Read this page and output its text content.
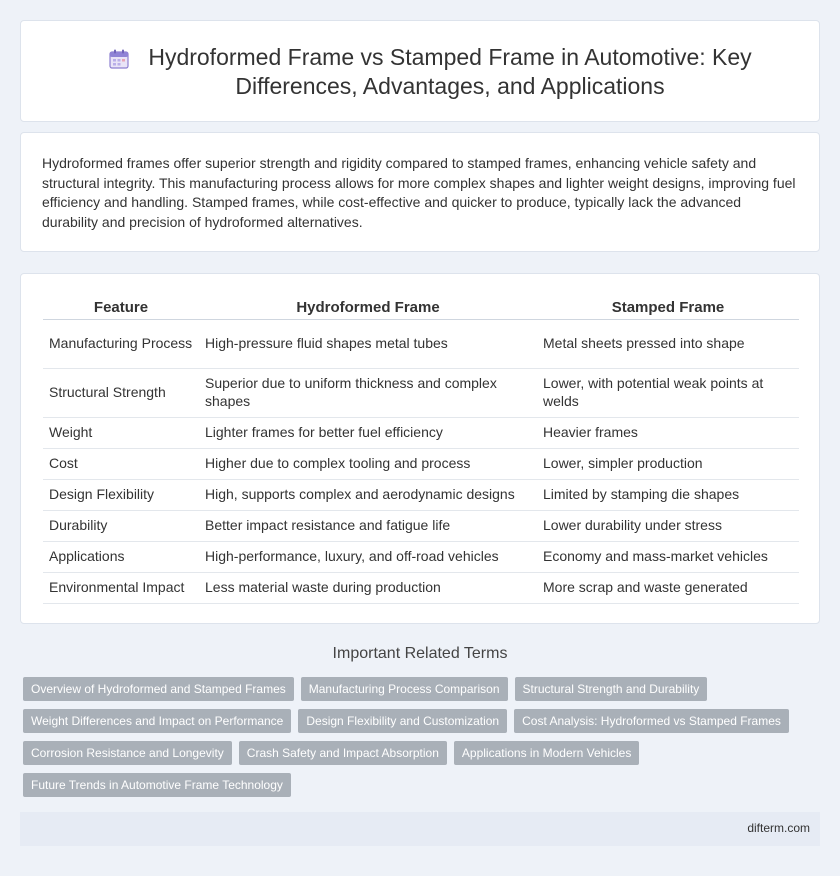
Hydroformed Frame vs Stamped Frame in Automotive: Key Differences, Advantages, and Applications

Hydroformed frames offer superior strength and rigidity compared to stamped frames, enhancing vehicle safety and structural integrity. This manufacturing process allows for more complex shapes and lighter weight designs, improving fuel efficiency and handling. Stamped frames, while cost-effective and quicker to produce, typically lack the advanced durability and precision of hydroformed alternatives.

Feature	Hydroformed Frame	Stamped Frame
Manufacturing Process	High-pressure fluid shapes metal tubes	Metal sheets pressed into shape
Structural Strength	Superior due to uniform thickness and complex shapes	Lower, with potential weak points at welds
Weight	Lighter frames for better fuel efficiency	Heavier frames
Cost	Higher due to complex tooling and process	Lower, simpler production
Design Flexibility	High, supports complex and aerodynamic designs	Limited by stamping die shapes
Durability	Better impact resistance and fatigue life	Lower durability under stress
Applications	High-performance, luxury, and off-road vehicles	Economy and mass-market vehicles
Environmental Impact	Less material waste during production	More scrap and waste generated
Important Related Terms
Overview of Hydroformed and Stamped Frames	Manufacturing Process Comparison	Structural Strength and Durability
Weight Differences and Impact on Performance	Design Flexibility and Customization	Cost Analysis: Hydroformed vs Stamped Frames
Corrosion Resistance and Longevity	Crash Safety and Impact Absorption	Applications in Modern Vehicles
Future Trends in Automotive Frame Technology
difterm.com
